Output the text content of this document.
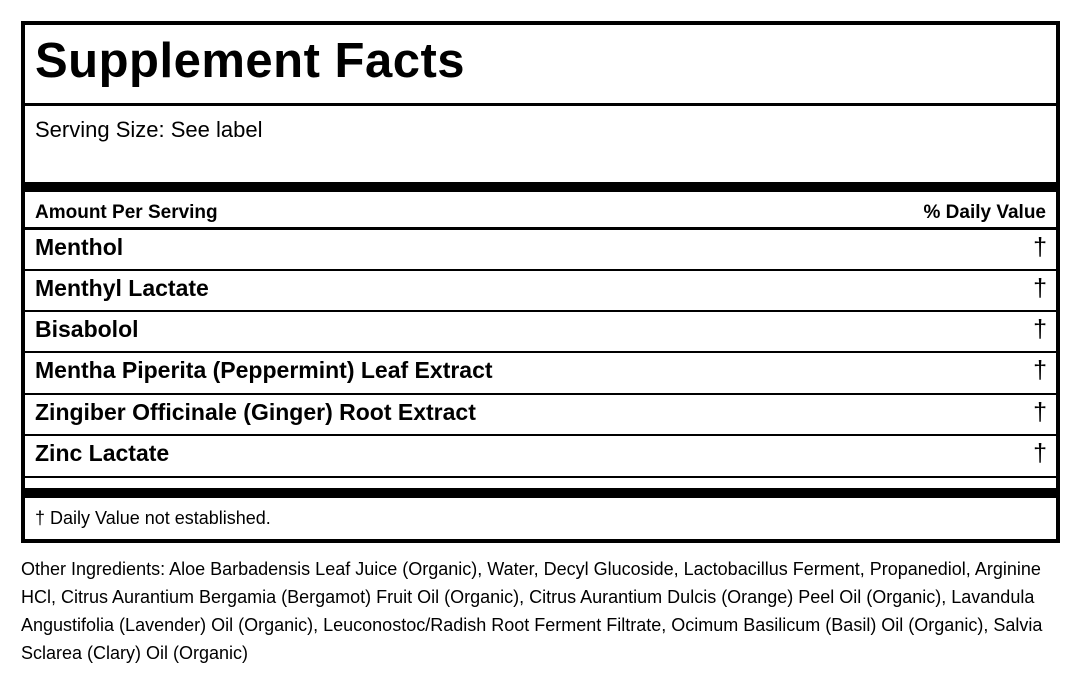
Supplement Facts
Serving Size: See label
Amount Per Serving	% Daily Value
Menthol	†
Menthyl Lactate	†
Bisabolol	†
Mentha Piperita (Peppermint) Leaf Extract	†
Zingiber Officinale (Ginger) Root Extract	†
Zinc Lactate	†
† Daily Value not established.
Other Ingredients: Aloe Barbadensis Leaf Juice (Organic), Water, Decyl Glucoside, Lactobacillus Ferment, Propanediol, Arginine HCl, Citrus Aurantium Bergamia (Bergamot) Fruit Oil (Organic), Citrus Aurantium Dulcis (Orange) Peel Oil (Organic), Lavandula Angustifolia (Lavender) Oil (Organic), Leuconostoc/Radish Root Ferment Filtrate, Ocimum Basilicum (Basil) Oil (Organic), Salvia Sclarea (Clary) Oil (Organic)
